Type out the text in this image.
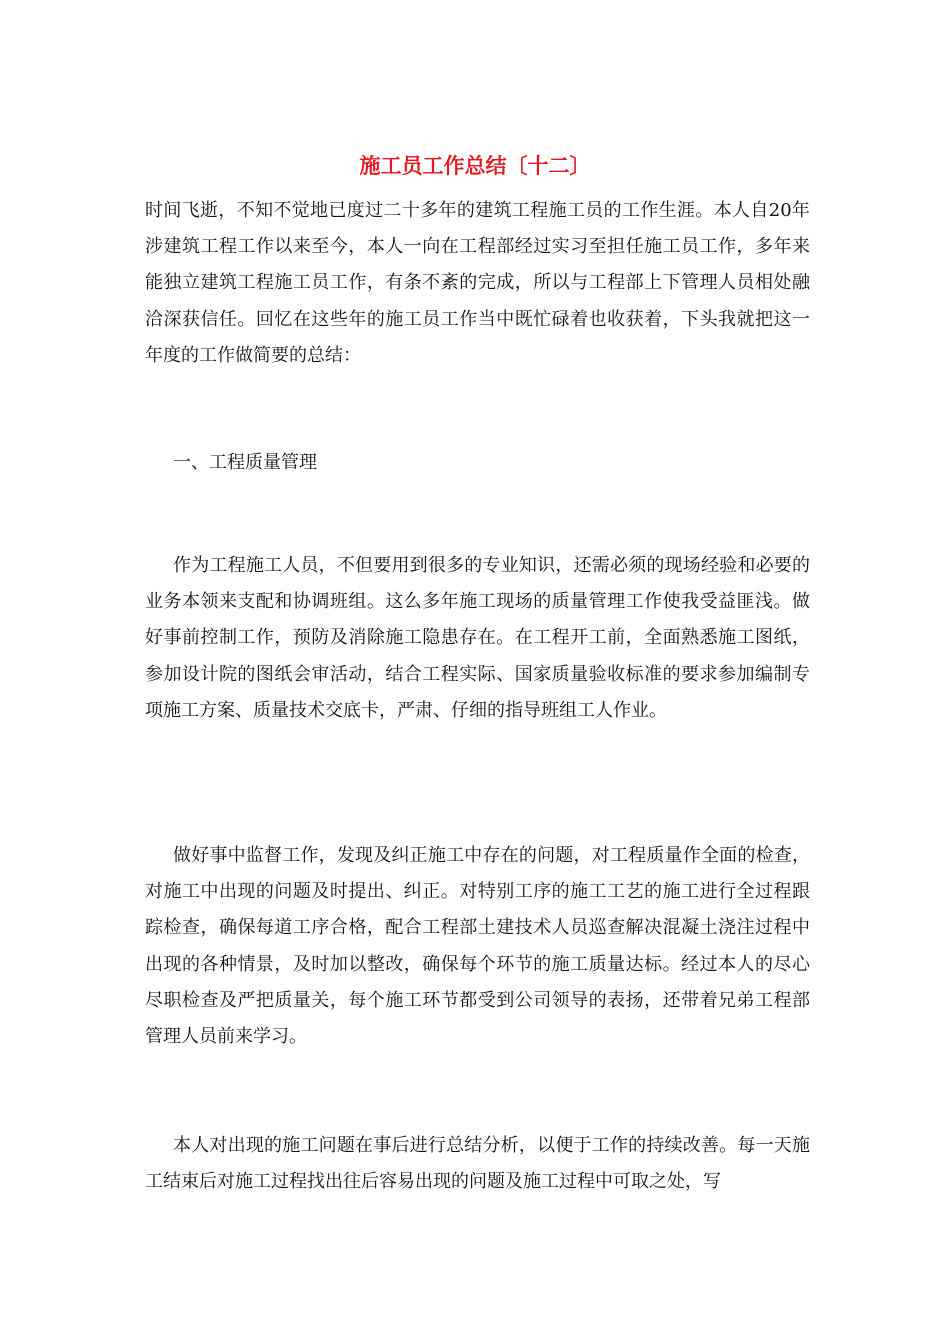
施工员工作总结〔十二〕

时间飞逝，不知不觉地已度过二十多年的建筑工程施工员的工作生涯。本人自20年涉建筑工程工作以来至今，本人一向在工程部经过实习至担任施工员工作，多年来能独立建筑工程施工员工作，有条不紊的完成，所以与工程部上下管理人员相处融洽深获信任。回忆在这些年的施工员工作当中既忙碌着也收获着，下头我就把这一年度的工作做简要的总结：

一、工程质量管理

作为工程施工人员，不但要用到很多的专业知识，还需必须的现场经验和必要的业务本领来支配和协调班组。这么多年施工现场的质量管理工作使我受益匪浅。做好事前控制工作，预防及消除施工隐患存在。在工程开工前，全面熟悉施工图纸，参加设计院的图纸会审活动，结合工程实际、国家质量验收标准的要求参加编制专项施工方案、质量技术交底卡，严肃、仔细的指导班组工人作业。

做好事中监督工作，发现及纠正施工中存在的问题，对工程质量作全面的检查，对施工中出现的问题及时提出、纠正。对特别工序的施工工艺的施工进行全过程跟踪检查，确保每道工序合格，配合工程部土建技术人员巡查解决混凝土浇注过程中出现的各种情景，及时加以整改，确保每个环节的施工质量达标。经过本人的尽心尽职检查及严把质量关，每个施工环节都受到公司领导的表扬，还带着兄弟工程部管理人员前来学习。

本人对出现的施工问题在事后进行总结分析，以便于工作的持续改善。每一天施工结束后对施工过程找出往后容易出现的问题及施工过程中可取之处，写
